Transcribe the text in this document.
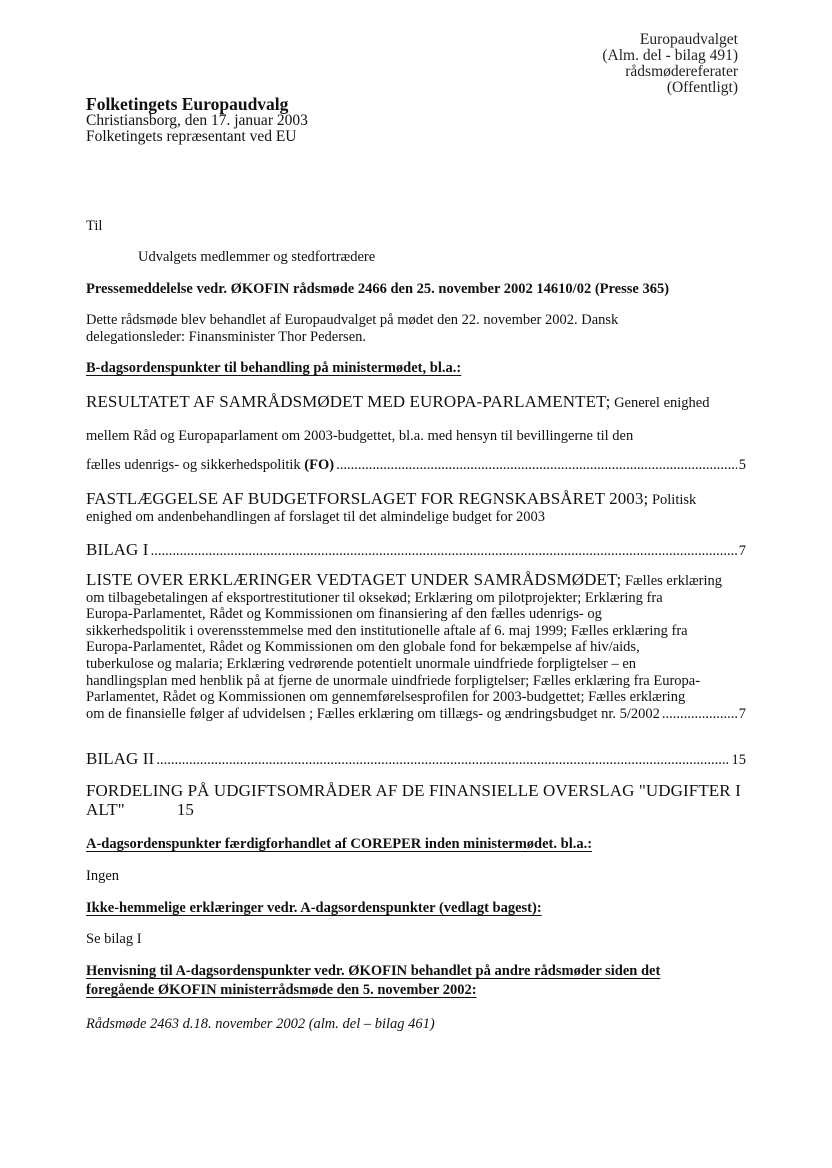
Europaudvalget
(Alm. del - bilag 491)
rådsmødereferater
(Offentligt)
Folketingets Europaudvalg
Christiansborg, den 17. januar 2003
Folketingets repræsentant ved EU
Til
Udvalgets medlemmer og stedfortrædere
Pressemeddelelse vedr. ØKOFIN rådsmøde 2466 den 25. november 2002 14610/02 (Presse 365)
Dette rådsmøde blev behandlet af Europaudvalget på mødet den 22. november 2002. Dansk
delegationsleder: Finansminister Thor Pedersen.
B-dagsordenspunkter til behandling på ministermødet, bl.a.:
RESULTATET AF SAMRÅDSMØDET MED EUROPA-PARLAMENTET; Generel enighed
mellem Råd og Europaparlament om 2003-budgettet, bl.a. med hensyn til bevillingerne til den
fælles udenrigs- og sikkerhedspolitik (FO) .....	5
FASTLÆGGELSE AF BUDGETFORSLAGET FOR REGNSKABSÅRET 2003; Politisk
enighed om andenbehandlingen af forslaget til det almindelige budget for 2003
BILAG I .....	7
LISTE OVER ERKLÆRINGER VEDTAGET UNDER SAMRÅDSMØDET; Fælles erklæring
om tilbagebetalingen af eksportrestitutioner til oksekød; Erklæring om pilotprojekter; Erklæring fra
Europa-Parlamentet, Rådet og Kommissionen om finansiering af den fælles udenrigs- og
sikkerhedspolitik i overensstemmelse med den institutionelle aftale af 6. maj 1999; Fælles erklæring fra
Europa-Parlamentet, Rådet og Kommissionen om den globale fond for bekæmpelse af hiv/aids,
tuberkulose og malaria; Erklæring vedrørende potentielt unormale uindfriede forpligtelser – en
handlingsplan med henblik på at fjerne de unormale uindfriede forpligtelser; Fælles erklæring fra Europa-
Parlamentet, Rådet og Kommissionen om gennemførelsesprofilen for 2003-budgettet; Fælles erklæring
om de finansielle følger af udvidelsen ; Fælles erklæring om tillægs- og ændringsbudget nr. 5/2002 .....	7
BILAG II .....	15
FORDELING PÅ UDGIFTSOMRÅDER AF DE FINANSIELLE OVERSLAG "UDGIFTER I
ALT"	15
A-dagsordenspunkter færdigforhandlet af COREPER inden ministermødet. bl.a.:
Ingen
Ikke-hemmelige erklæringer vedr. A-dagsordenspunkter (vedlagt bagest):
Se bilag I
Henvisning til A-dagsordenspunkter vedr. ØKOFIN behandlet på andre rådsmøder siden det
foregående ØKOFIN ministerrådsmøde den 5. november 2002:
Rådsmøde 2463 d.18. november 2002 (alm. del – bilag 461)
